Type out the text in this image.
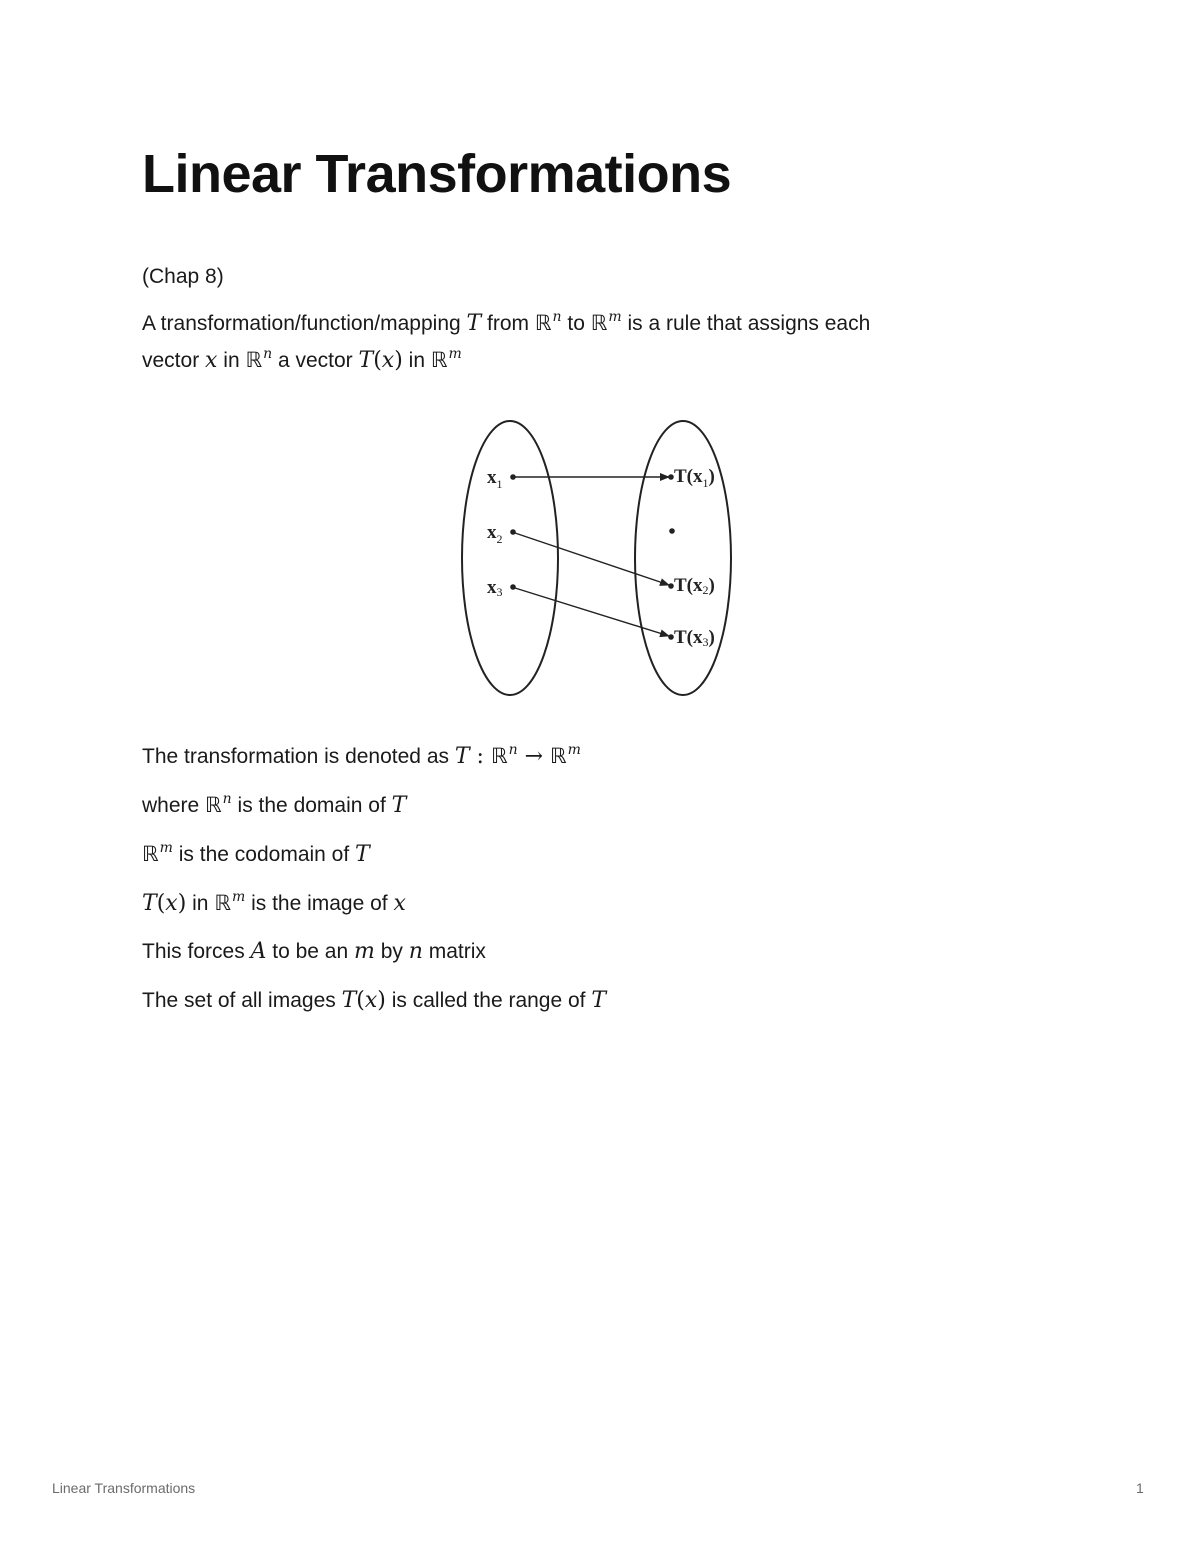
Linear Transformations

(Chap 8)

A transformation/function/mapping T from ℝ$^n$ to ℝ$^m$ is a rule that assigns each

vector x in ℝ$^n$ a vector T(x) in ℝ$^m$

$x_1$
$x_2$
x3
$T(x_1)$
T(x2)
T(x3)

The transformation is denoted as T : ℝ$^n$ → ℝ$^m$

where ℝ$^n$ is the domain of T

ℝ$^m$ is the codomain of T

T(x) in ℝ$^m$ is the image of x

This forces A to be an m by n matrix

The set of all images T(x) is called the range of T

Linear Transformations	1
